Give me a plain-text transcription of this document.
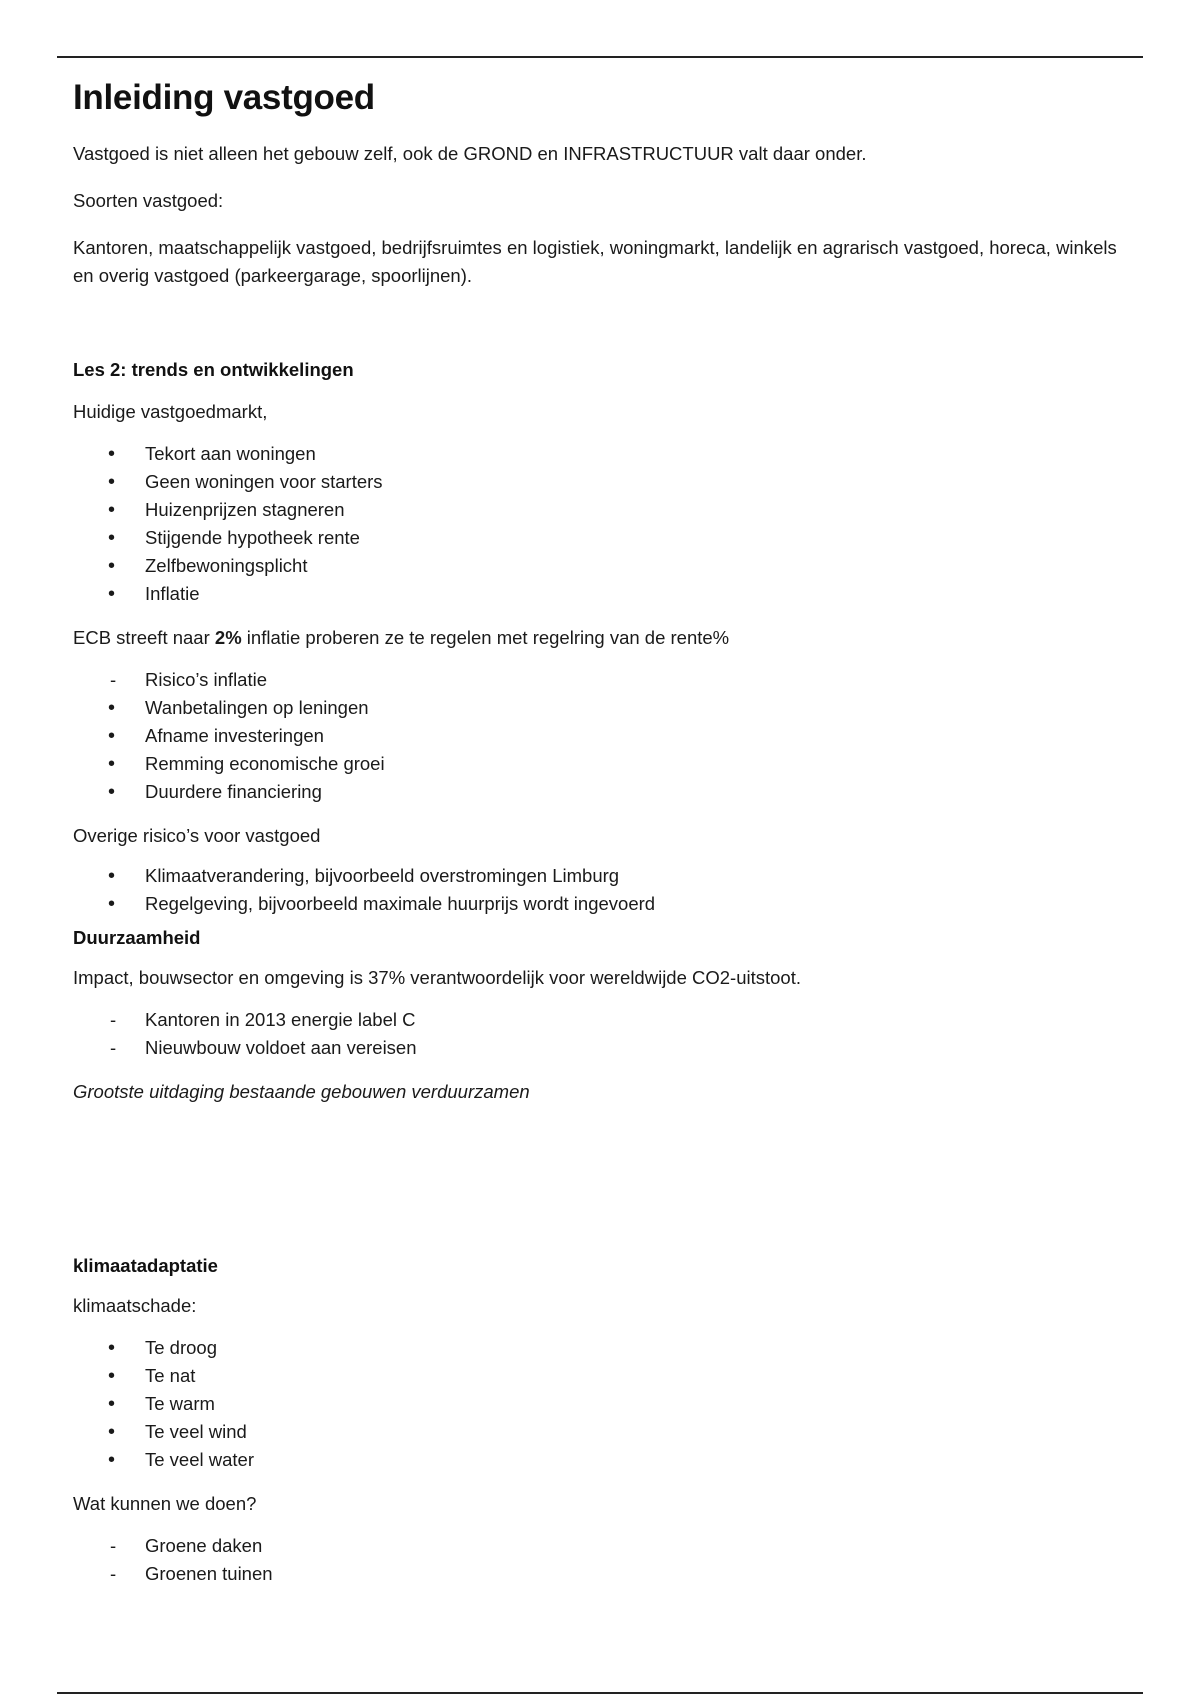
Inleiding vastgoed

Vastgoed is niet alleen het gebouw zelf, ook de GROND en INFRASTRUCTUUR valt daar onder.

Soorten vastgoed:

Kantoren, maatschappelijk vastgoed, bedrijfsruimtes en logistiek, woningmarkt, landelijk en agrarisch vastgoed, horeca, winkels en overig vastgoed (parkeergarage, spoorlijnen).

Les 2: trends en ontwikkelingen

Huidige vastgoedmarkt,

• Tekort aan woningen
• Geen woningen voor starters
• Huizenprijzen stagneren
• Stijgende hypotheek rente
• Zelfbewoningsplicht
• Inflatie

ECB streeft naar 2% inflatie proberen ze te regelen met regelring van de rente%

- Risico’s inflatie
• Wanbetalingen op leningen
• Afname investeringen
• Remming economische groei
• Duurdere financiering

Overige risico’s voor vastgoed

• Klimaatverandering, bijvoorbeeld overstromingen Limburg
• Regelgeving, bijvoorbeeld maximale huurprijs wordt ingevoerd
Duurzaamheid

Impact, bouwsector en omgeving is 37% verantwoordelijk voor wereldwijde CO2-uitstoot.

- Kantoren in 2013 energie label C
- Nieuwbouw voldoet aan vereisen

Grootste uitdaging bestaande gebouwen verduurzamen

klimaatadaptatie

klimaatschade:

• Te droog
• Te nat
• Te warm
• Te veel wind
• Te veel water

Wat kunnen we doen?

- Groene daken
- Groenen tuinen
